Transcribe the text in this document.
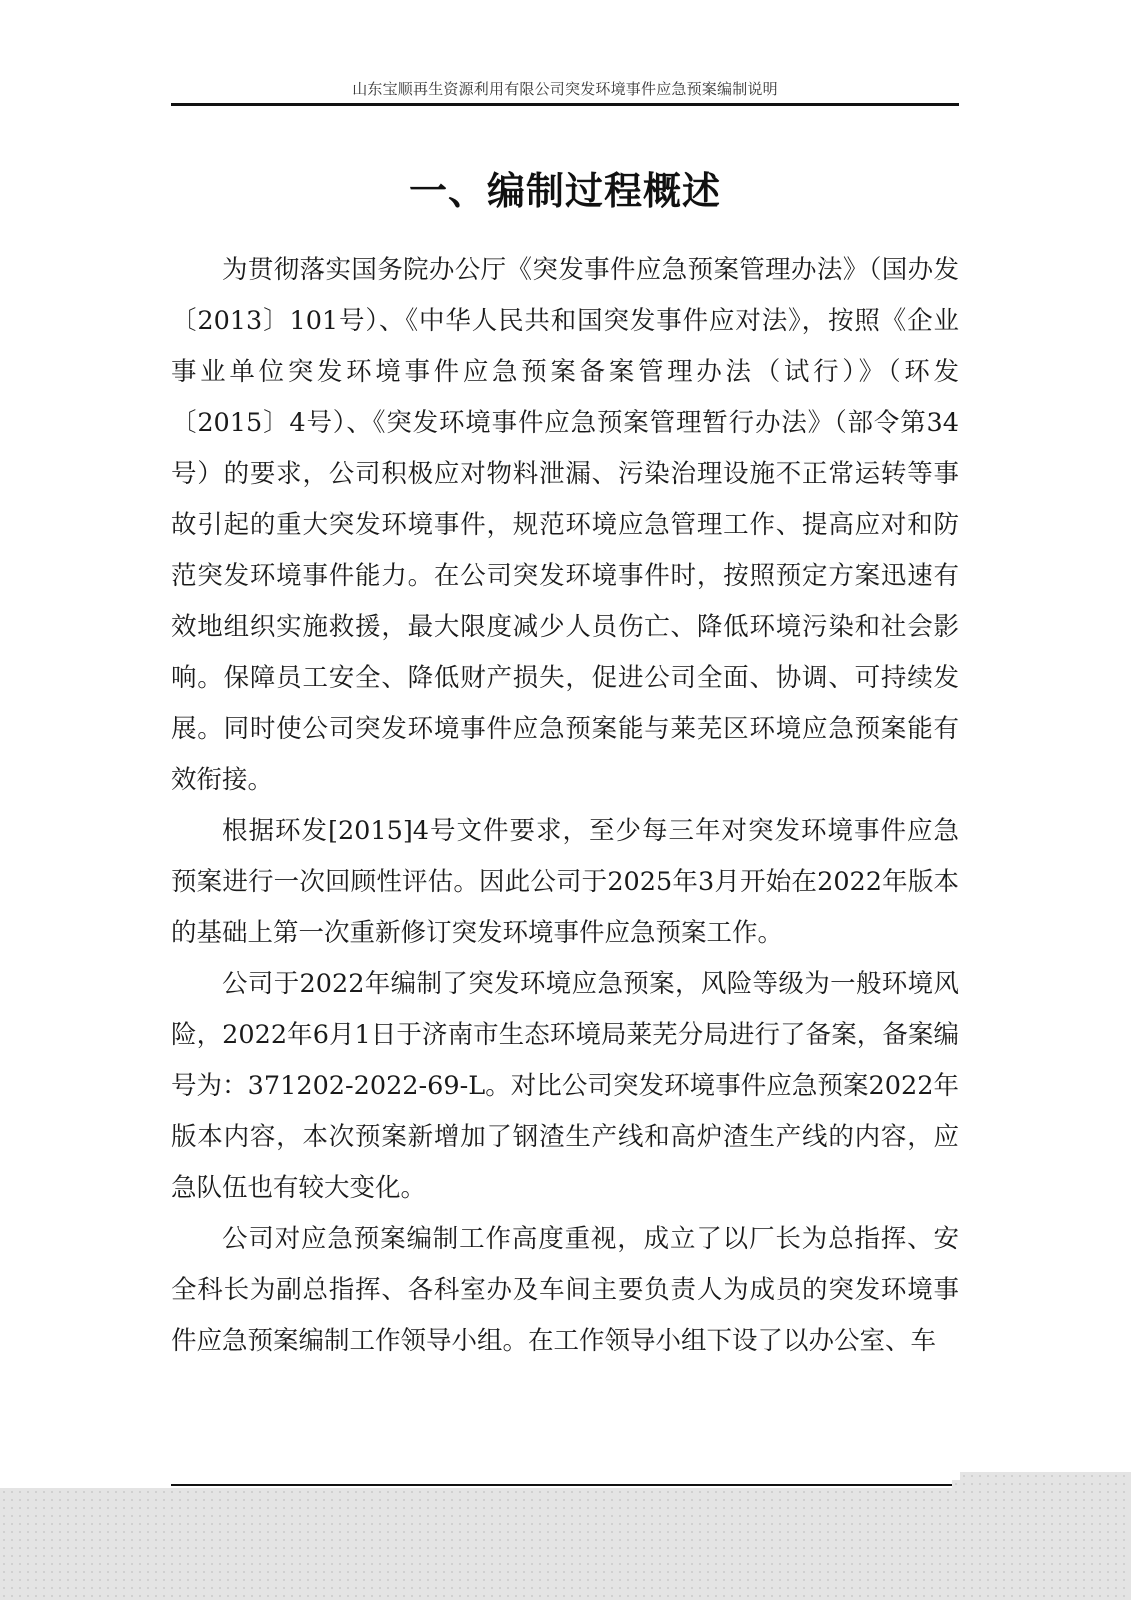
山东宝顺再生资源利用有限公司突发环境事件应急预案编制说明
一、编制过程概述

为贯彻落实国务院办公厅《突发事件应急预案管理办法》（国办发〔2013〕101号）、《中华人民共和国突发事件应对法》，按照《企业事业单位突发环境事件应急预案备案管理办法（试行）》（环发〔2015〕4号）、《突发环境事件应急预案管理暂行办法》（部令第34号）的要求，公司积极应对物料泄漏、污染治理设施不正常运转等事故引起的重大突发环境事件，规范环境应急管理工作、提高应对和防范突发环境事件能力。在公司突发环境事件时，按照预定方案迅速有效地组织实施救援，最大限度减少人员伤亡、降低环境污染和社会影响。保障员工安全、降低财产损失，促进公司全面、协调、可持续发展。同时使公司突发环境事件应急预案能与莱芜区环境应急预案能有效衔接。

根据环发[2015]4号文件要求，至少每三年对突发环境事件应急预案进行一次回顾性评估。因此公司于2025年3月开始在2022年版本的基础上第一次重新修订突发环境事件应急预案工作。

公司于2022年编制了突发环境应急预案，风险等级为一般环境风险，2022年6月1日于济南市生态环境局莱芜分局进行了备案，备案编号为：371202-2022-69-L。对比公司突发环境事件应急预案2022年版本内容，本次预案新增加了钢渣生产线和高炉渣生产线的内容，应急队伍也有较大变化。

公司对应急预案编制工作高度重视，成立了以厂长为总指挥、安全科长为副总指挥、各科室办及车间主要负责人为成员的突发环境事件应急预案编制工作领导小组。在工作领导小组下设了以办公室、车
